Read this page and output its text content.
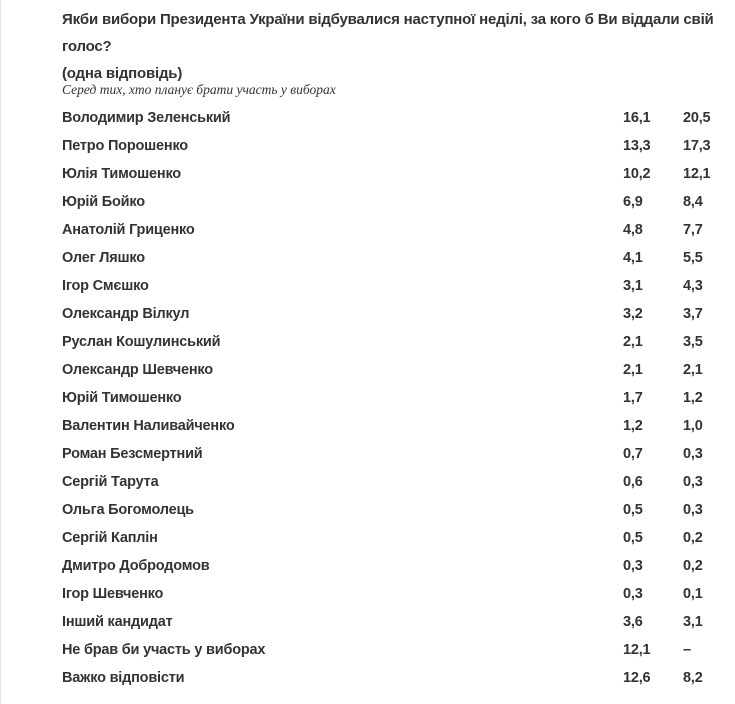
Якби вибори Президента України відбувалися наступної неділі, за кого б Ви віддали свій голос?
(одна відповідь)
Серед тих, хто планує брати участь у виборах
Володимир Зеленський	16,1 20,5
Петро Порошенко	13,3 17,3
Юлія Тимошенко	10,2 12,1
Юрій Бойко	6,9	8,4
Анатолій Гриценко	4,8	7,7
Олег Ляшко	4,1	5,5
Ігор Смєшко	3,1	4,3
Олександр Вілкул	3,2	3,7
Руслан Кошулинський	2,1	3,5
Олександр Шевченко	2,1	2,1
Юрій Тимошенко	1,7	1,2
Валентин Наливайченко	1,2	1,0
Роман Безсмертний	0,7	0,3
Сергій Тарута	0,6	0,3
Ольга Богомолець	0,5	0,3
Сергій Каплін	0,5	0,2
Дмитро Добродомов	0,3	0,2
Ігор Шевченко	0,3	0,1
Інший кандидат	3,6	3,1
Не брав би участь у виборах	12,1 –
Важко відповісти	12,6 8,2
